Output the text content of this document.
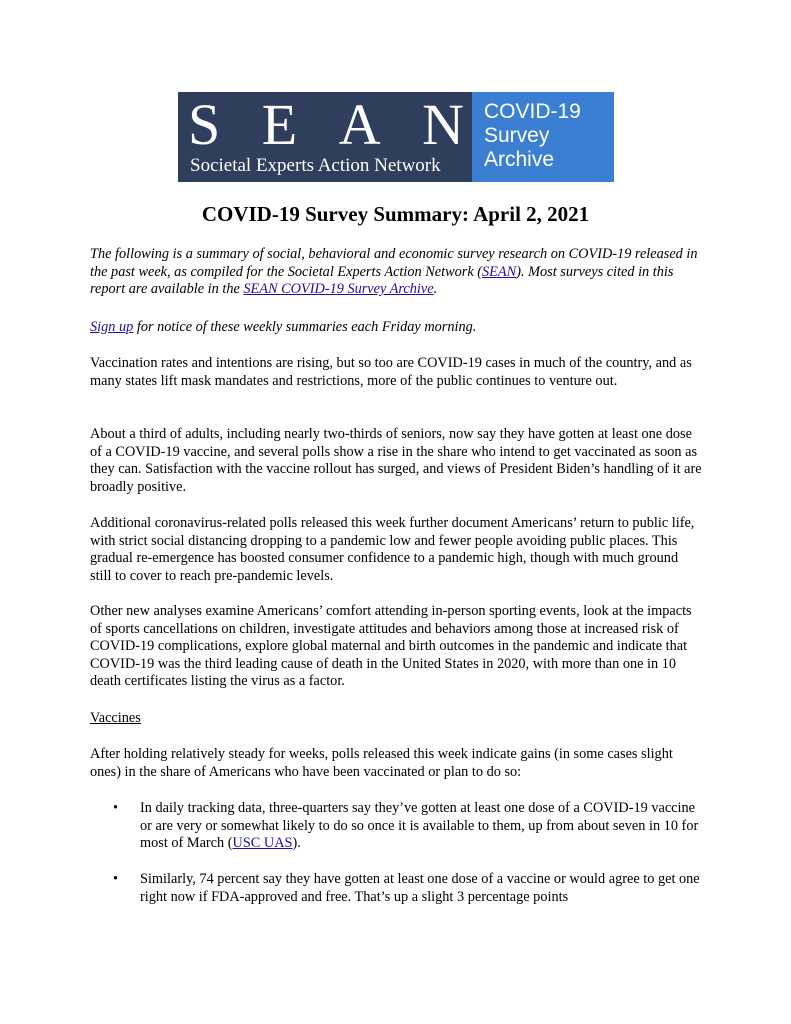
S E A N
Societal Experts Action Network
COVID-19
Survey
Archive
COVID-19 Survey Summary: April 2, 2021

The following is a summary of social, behavioral and economic survey research on COVID-19 released in the past week, as compiled for the Societal Experts Action Network (SEAN). Most surveys cited in this report are available in the SEAN COVID-19 Survey Archive.

Sign up for notice of these weekly summaries each Friday morning.

Vaccination rates and intentions are rising, but so too are COVID-19 cases in much of the country, and as many states lift mask mandates and restrictions, more of the public continues to venture out.

About a third of adults, including nearly two-thirds of seniors, now say they have gotten at least one dose of a COVID-19 vaccine, and several polls show a rise in the share who intend to get vaccinated as soon as they can. Satisfaction with the vaccine rollout has surged, and views of President Biden’s handling of it are broadly positive.

Additional coronavirus-related polls released this week further document Americans’ return to public life, with strict social distancing dropping to a pandemic low and fewer people avoiding public places. This gradual re-emergence has boosted consumer confidence to a pandemic high, though with much ground still to cover to reach pre-pandemic levels.

Other new analyses examine Americans’ comfort attending in-person sporting events, look at the impacts of sports cancellations on children, investigate attitudes and behaviors among those at increased risk of COVID-19 complications, explore global maternal and birth outcomes in the pandemic and indicate that COVID-19 was the third leading cause of death in the United States in 2020, with more than one in 10 death certificates listing the virus as a factor.

Vaccines

After holding relatively steady for weeks, polls released this week indicate gains (in some cases slight ones) in the share of Americans who have been vaccinated or plan to do so:

• In daily tracking data, three-quarters say they’ve gotten at least one dose of a COVID-19 vaccine or are very or somewhat likely to do so once it is available to them, up from about seven in 10 for most of March (USC UAS).

• Similarly, 74 percent say they have gotten at least one dose of a vaccine or would agree to get one right now if FDA-approved and free. That’s up a slight 3 percentage points
